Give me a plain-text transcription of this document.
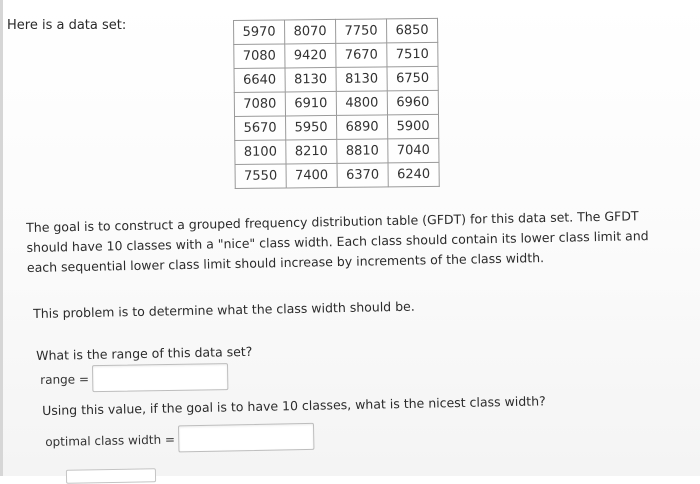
Here is a data set:	5970	8070	7750	6850
7080	9420	7670	7510
6640	8130	8130	6750
7080	6910	4800	6960
5670	5950	6890	5900
8100	8210	8810	7040
7550	7400	6370	6240
The goal is to construct a grouped frequency distribution table (GFDT) for this data set. The GFDT
should have 10 classes with a "nice" class width. Each class should contain its lower class limit and
each sequential lower class limit should increase by increments of the class width.
This problem is to determine what the class width should be.
What is the range of this data set?
range =
Using this value, if the goal is to have 10 classes, what is the nicest class width?
optimal class width =
